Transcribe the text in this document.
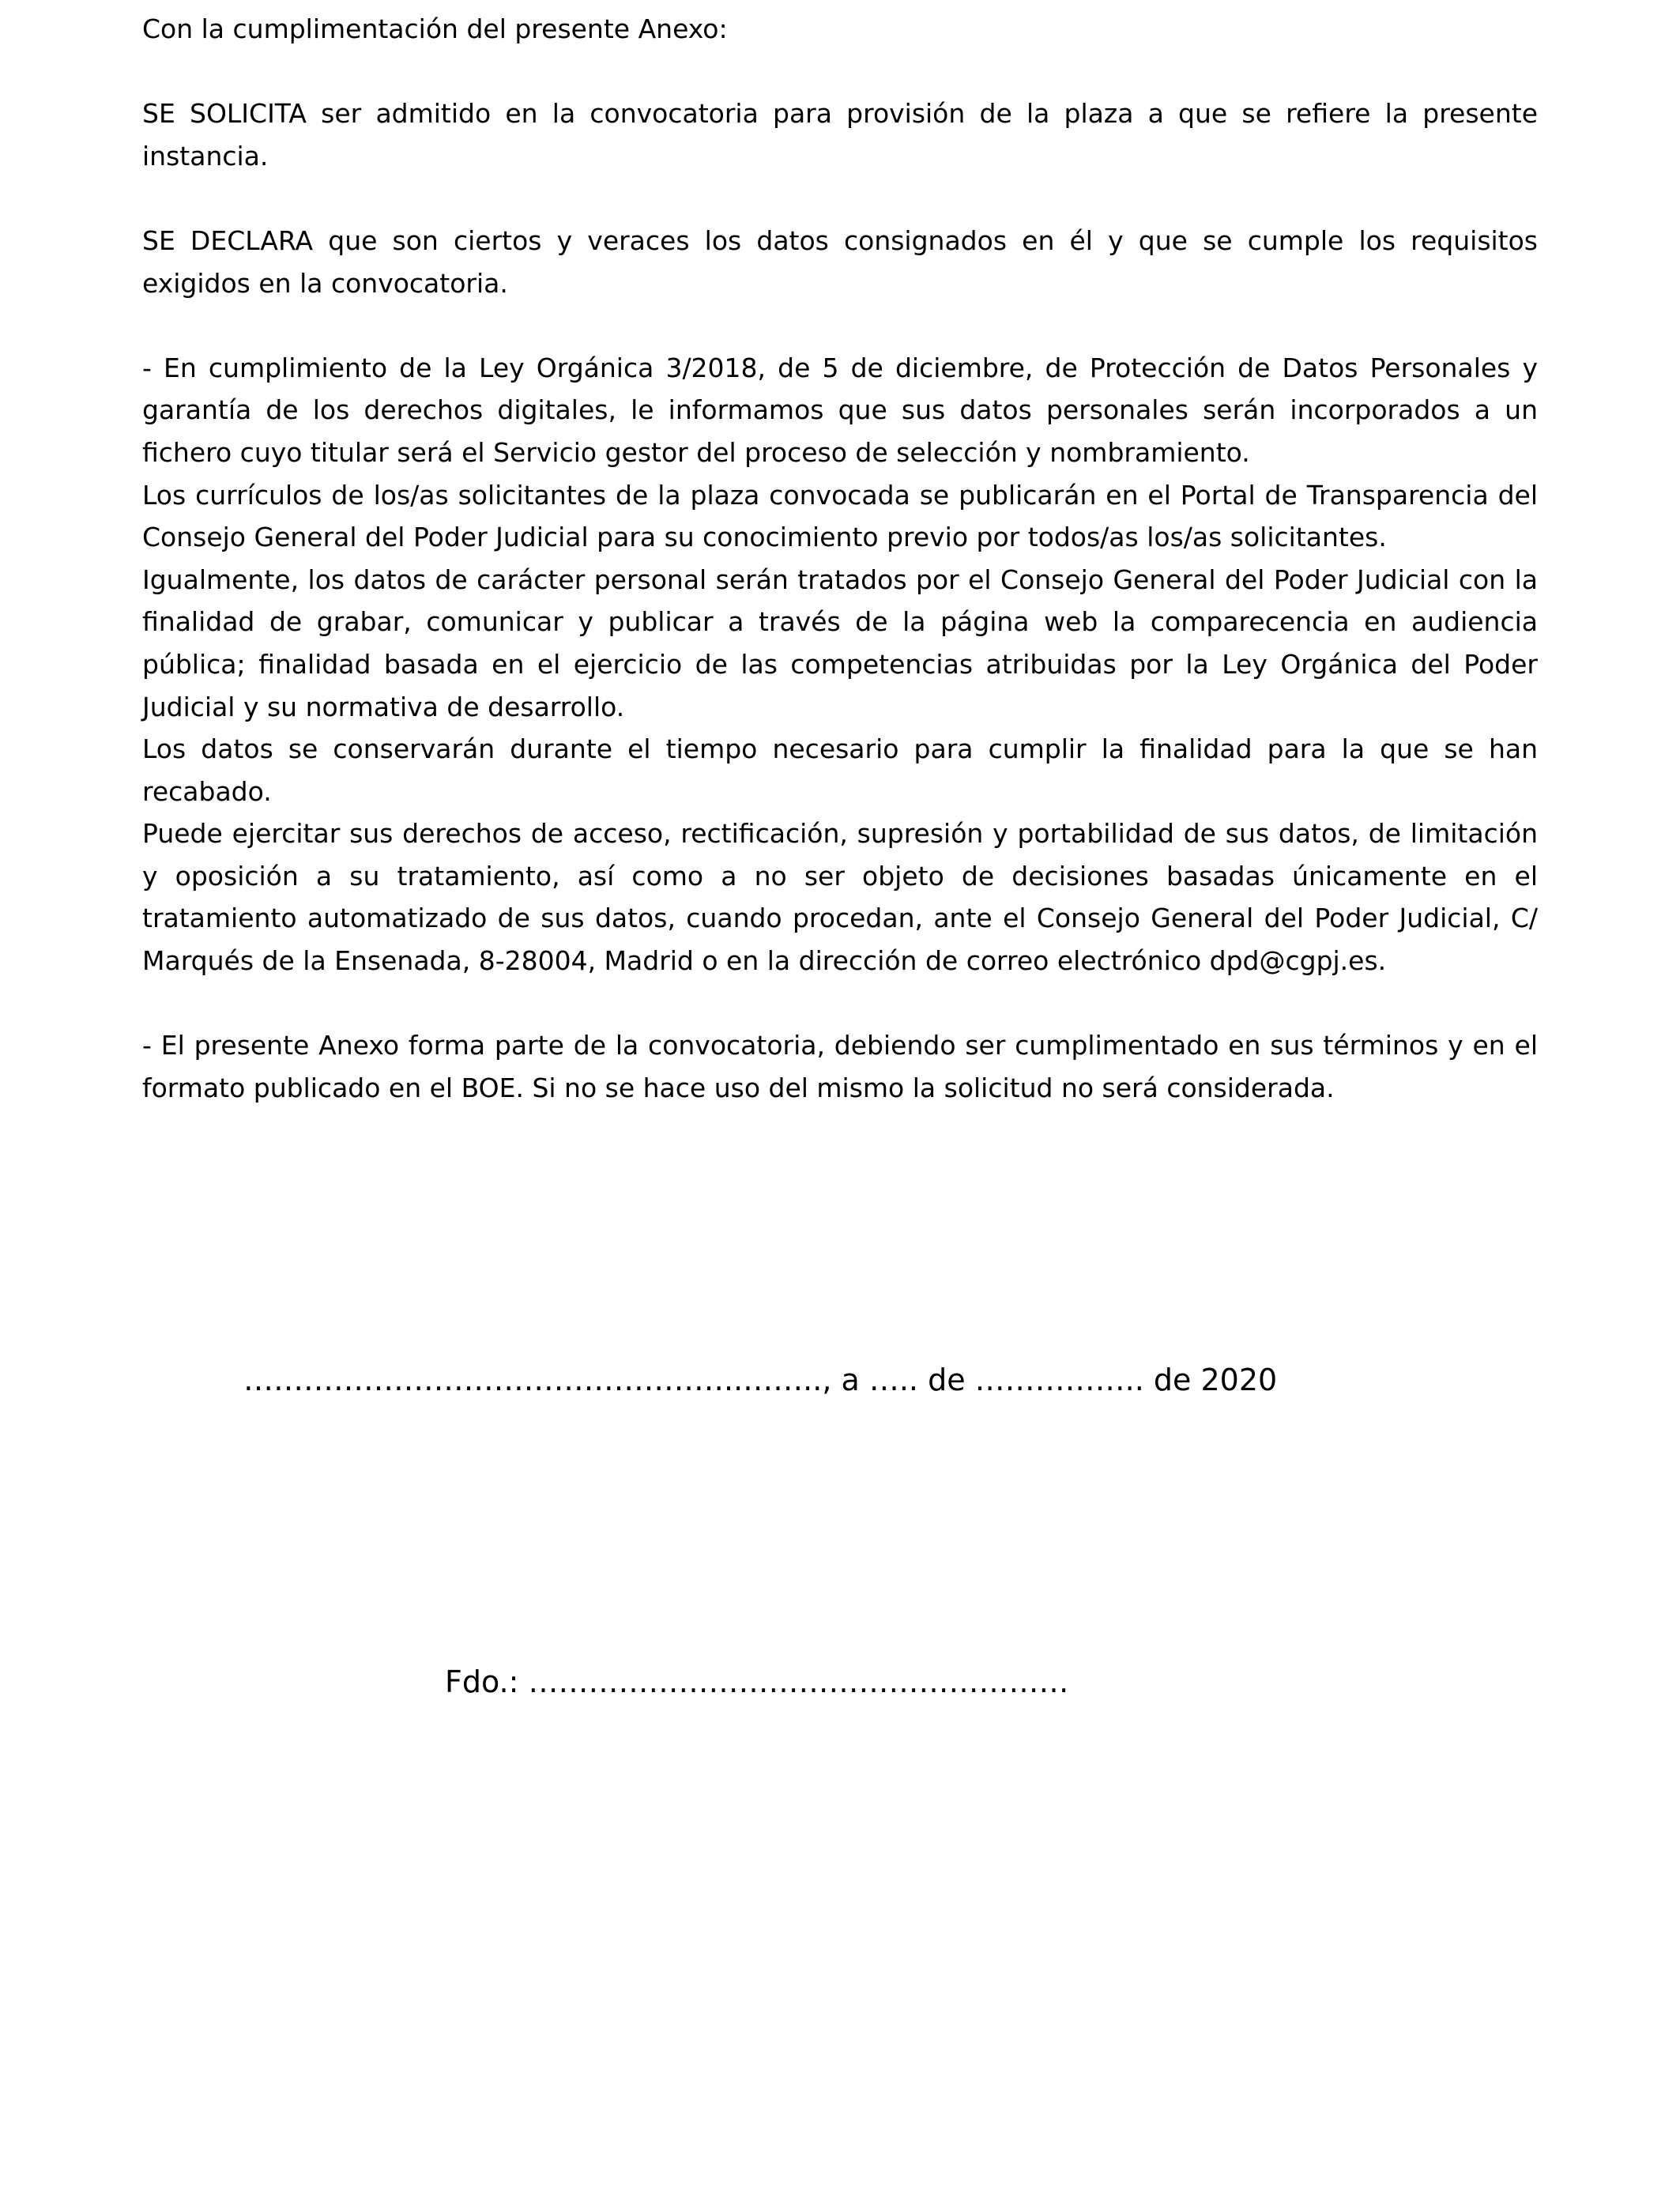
Con la cumplimentación del presente Anexo:

SE SOLICITA ser admitido en la convocatoria para provisión de la plaza a que se refiere la presente instancia.

SE DECLARA que son ciertos y veraces los datos consignados en él y que se cumple los requisitos exigidos en la convocatoria.

- En cumplimiento de la Ley Orgánica 3/2018, de 5 de diciembre, de Protección de Datos Personales y garantía de los derechos digitales, le informamos que sus datos personales serán incorporados a un fichero cuyo titular será el Servicio gestor del proceso de selección y nombramiento.

Los currículos de los/as solicitantes de la plaza convocada se publicarán en el Portal de Transparencia del Consejo General del Poder Judicial para su conocimiento previo por todos/as los/as solicitantes.

Igualmente, los datos de carácter personal serán tratados por el Consejo General del Poder Judicial con la finalidad de grabar, comunicar y publicar a través de la página web la comparecencia en audiencia pública; finalidad basada en el ejercicio de las competencias atribuidas por la Ley Orgánica del Poder Judicial y su normativa de desarrollo.

Los datos se conservarán durante el tiempo necesario para cumplir la finalidad para la que se han recabado.

Puede ejercitar sus derechos de acceso, rectificación, supresión y portabilidad de sus datos, de limitación y oposición a su tratamiento, así como a no ser objeto de decisiones basadas únicamente en el tratamiento automatizado de sus datos, cuando procedan, ante el Consejo General del Poder Judicial, C/ Marqués de la Ensenada, 8-28004, Madrid o en la dirección de correo electrónico dpd@cgpj.es.

- El presente Anexo forma parte de la convocatoria, debiendo ser cumplimentado en sus términos y en el formato publicado en el BOE. Si no se hace uso del mismo la solicitud no será considerada.

…………………………………………..…….., a ….. de …………….. de 2020

Fdo.: ………………………………………………
